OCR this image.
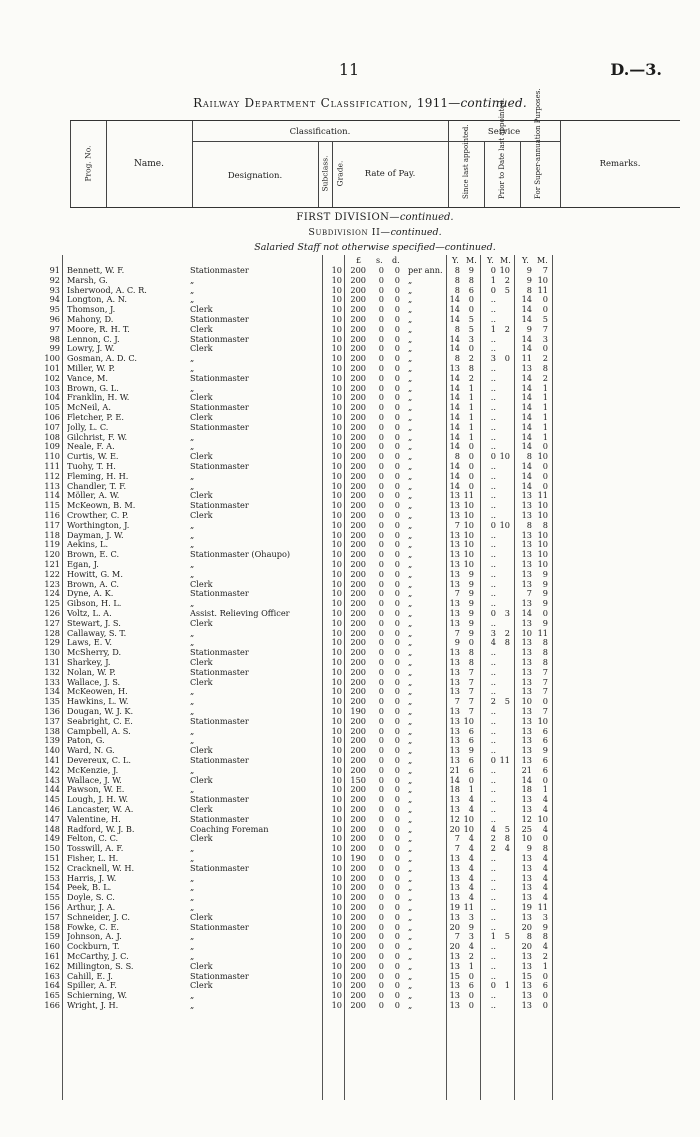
11	D.—3.
Railway Department Classification, 1911—continued.
Prog. No.	Name.
Classification.
Designation.	Subclass. Grade.	Rate of Pay.
Service
Since last appointed.	Prior to Date last appointed.	For Super-annuation Purposes.	Remarks.
FIRST DIVISION—continued.
Subdivision II—continued.
Salaried Staff not otherwise specified—continued.
£ s. d.	Y. M. Y. M. Y. M.
91 Bennett, W. F.	Stationmaster	10 200	0	0 per ann.	8	9	0 10	9	7
92 Marsh, G.	„	10 200	0	0 „	8	8	1	2	9 10
93 Isherwood, A. C. R.	„	10 200	0	0 „	8	6	0	5	8 11
94 Longton, A. N.	„	10 200	0	0 „	14	0	..	14	0
95 Thomson, J.	Clerk	10 200	0	0 „	14	0	..	14	0
96 Mahony, D.	Stationmaster	10 200	0	0 „	14	5	..	14	5
97 Moore, R. H. T.	Clerk	10 200	0	0 „	8	5	1	2	9	7
98 Lennon, C. J.	Stationmaster	10 200	0	0 „	14	3	..	14	3
99 Lowry, J. W.	Clerk	10 200	0	0 „	14	0	..	14	0
100 Gosman, A. D. C.	„	10 200	0	0 „	8	2	3	0	11	2
101 Miller, W. P.	„	10 200	0	0 „	13	8	..	13	8
102 Vance, M.	Stationmaster	10 200	0	0 „	14	2	..	14	2
103 Brown, G. L.	„	10 200	0	0 „	14	1	..	14	1
104 Franklin, H. W.	Clerk	10 200	0	0 „	14	1	..	14	1
105 McNeil, A.	Stationmaster	10 200	0	0 „	14	1	..	14	1
106 Fletcher, P. E.	Clerk	10 200	0	0 „	14	1	..	14	1
107 Jolly, L. C.	Stationmaster	10 200	0	0 „	14	1	..	14	1
108 Gilchrist, F. W.	„	10 200	0	0 „	14	1	..	14	1
109 Neale, F. A.	„	10 200	0	0 „	14	0	..	14	0
110 Curtis, W. E.	Clerk	10 200	0	0 „	8	0	0 10	8 10
111 Tuohy, T. H.	Stationmaster	10 200	0	0 „	14	0	..	14	0
112 Fleming, H. H.	„	10 200	0	0 „	14	0	..	14	0
113 Chandler, T. F.	„	10 200	0	0 „	14	0	..	14	0
114 Möller, A. W.	Clerk	10 200	0	0 „	13 11	..	13 11
115 McKeown, B. M.	Stationmaster	10 200	0	0 „	13 10	..	13 10
116 Crowther, C. P.	Clerk	10 200	0	0 „	13 10	..	13 10
117 Worthington, J.	„	10 200	0	0 „	7 10	0 10	8	8
118 Dayman, J. W.	„	10 200	0	0 „	13 10	..	13 10
119 Aekins, L.	„	10 200	0	0 „	13 10	..	13 10
120 Brown, E. C.	Stationmaster (Ohaupo)	10 200	0	0 „	13 10	..	13 10
121 Egan, J.	„	10 200	0	0 „	13 10	..	13 10
122 Howitt, G. M.	„	10 200	0	0 „	13	9	..	13	9
123 Brown, A. C.	Clerk	10 200	0	0 „	13	9	..	13	9
124 Dyne, A. K.	Stationmaster	10 200	0	0 „	7	9	..	7	9
125 Gibson, H. L.	„	10 200	0	0 „	13	9	..	13	9
126 Voltz, L. A.	Assist. Relieving Officer	10 200	0	0 „	13	9	0	3	14	0
127 Stewart, J. S.	Clerk	10 200	0	0 „	13	9	..	13	9
128 Callaway, S. T.	„	10 200	0	0 „	7	9	3	2	10 11
129 Laws, E. V.	„	10 200	0	0 „	9	0	4	8	13	8
130 McSherry, D.	Stationmaster	10 200	0	0 „	13	8	..	13	8
131 Sharkey, J.	Clerk	10 200	0	0 „	13	8	..	13	8
132 Nolan, W. P.	Stationmaster	10 200	0	0 „	13	7	..	13	7
133 Wallace, J. S.	Clerk	10 200	0	0 „	13	7	..	13	7
134 McKeowen, H.	„	10 200	0	0 „	13	7	..	13	7
135 Hawkins, L. W.	„	10 200	0	0 „	7	7	2	5	10	0
136 Dougan, W. J. K.	„	10 190	0	0 „	13	7	..	13	7
137 Seabright, C. E.	Stationmaster	10 200	0	0 „	13 10	..	13 10
138 Campbell, A. S.	„	10 200	0	0 „	13	6	..	13	6
139 Paton, G.	„	10 200	0	0 „	13	6	..	13	6
140 Ward, N. G.	Clerk	10 200	0	0 „	13	9	..	13	9
141 Devereux, C. L.	Stationmaster	10 200	0	0 „	13	6	0 11	13	6
142 McKenzie, J.	„	10 200	0	0 „	21	6	..	21	6
143 Wallace, J. W.	Clerk	10 150	0	0 „	14	0	..	14	0
144 Pawson, W. E.	„	10 200	0	0 „	18	1	..	18	1
145 Lough, J. H. W.	Stationmaster	10 200	0	0 „	13	4	..	13	4
146 Lancaster, W. A.	Clerk	10 200	0	0 „	13	4	..	13	4
147 Valentine, H.	Stationmaster	10 200	0	0 „	12 10	..	12 10
148 Radford, W. J. B.	Coaching Foreman	10 200	0	0 „	20 10	4	5	25	4
149 Felton, C. C.	Clerk	10 200	0	0 „	7	4	2	8	10	0
150 Tosswill, A. F.	„	10 200	0	0 „	7	4	2	4	9	8
151 Fisher, L. H.	„	10 190	0	0 „	13	4	..	13	4
152 Cracknell, W. H.	Stationmaster	10 200	0	0 „	13	4	..	13	4
153 Harris, J. W.	„	10 200	0	0 „	13	4	..	13	4
154 Peek, B. L.	„	10 200	0	0 „	13	4	..	13	4
155 Doyle, S. C.	„	10 200	0	0 „	13	4	..	13	4
156 Arthur, J. A.	„	10 200	0	0 „	19 11	..	19 11
157 Schneider, J. C.	Clerk	10 200	0	0 „	13	3	..	13	3
158 Fowke, C. E.	Stationmaster	10 200	0	0 „	20	9	..	20	9
159 Johnson, A. J.	„	10 200	0	0 „	7	3	1	5	8	8
160 Cockburn, T.	„	10 200	0	0 „	20	4	..	20	4
161 McCarthy, J. C.	„	10 200	0	0 „	13	2	..	13	2
162 Millington, S. S.	Clerk	10 200	0	0 „	13	1	..	13	1
163 Cahill, E. J.	Stationmaster	10 200	0	0 „	15	0	..	15	0
164 Spiller, A. F.	Clerk	10 200	0	0 „	13	6	0	1	13	6
165 Schierning, W.	„	10 200	0	0 „	13	0	..	13	0
166 Wright, J. H.	„	10 200	0	0 „	13	0	..	13	0
